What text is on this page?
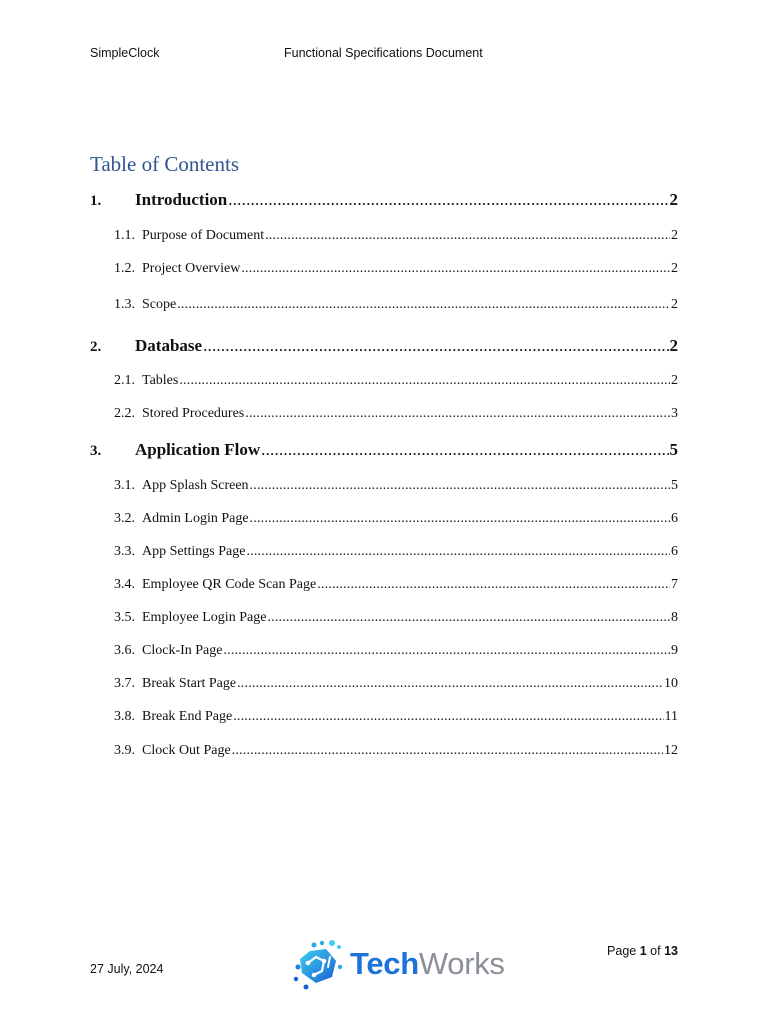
SimpleClock	Functional Specifications Document
Table of Contents
1.	Introduction .....	2
1.1. Purpose of Document .....	2
1.2. Project Overview .....	2
1.3. Scope .....	2
2.	Database .....	2
2.1. Tables .....	2
2.2. Stored Procedures .....	3
3.	Application Flow .....	5
3.1. App Splash Screen .....	5
3.2. Admin Login Page .....	6
3.3. App Settings Page .....	6
3.4. Employee QR Code Scan Page .....	7
3.5. Employee Login Page .....	8
3.6. Clock-In Page .....	9
3.7. Break Start Page .....	10
3.8. Break End Page .....	11
3.9. Clock Out Page .....	12
Page 1 of 13
27 July, 2024	TechWorks
